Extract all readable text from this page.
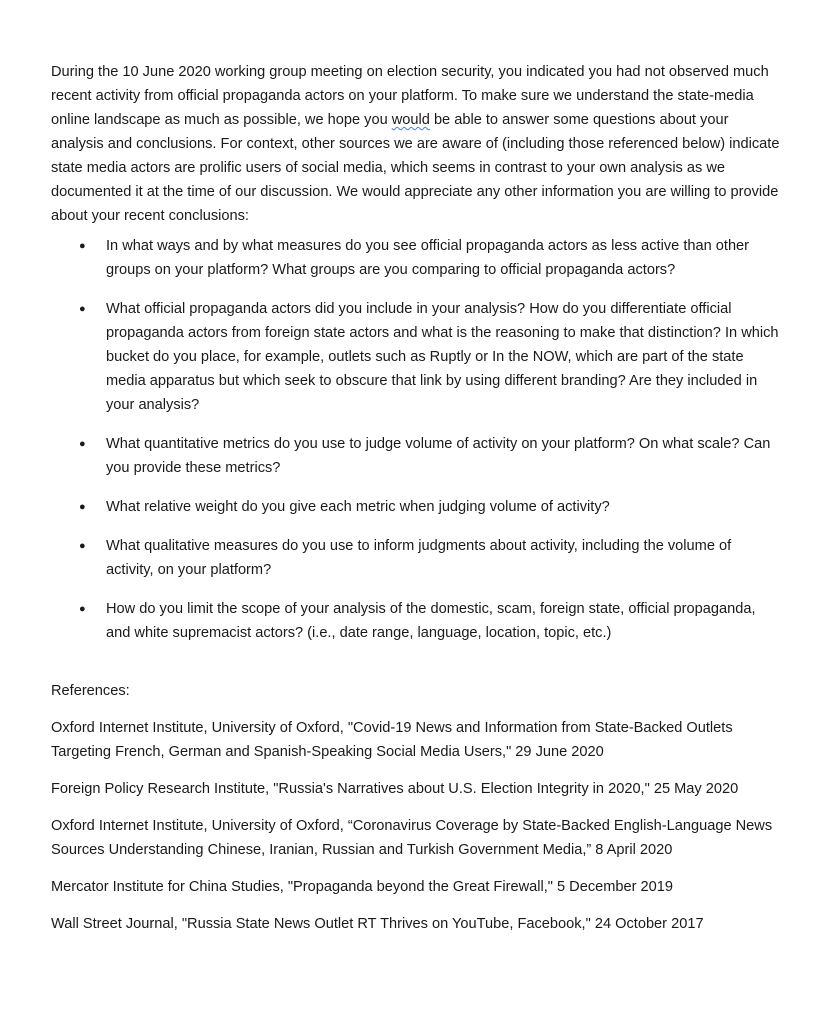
During the 10 June 2020 working group meeting on election security, you indicated you had not observed much recent activity from official propaganda actors on your platform. To make sure we understand the state-media online landscape as much as possible, we hope you would be able to answer some questions about your analysis and conclusions. For context, other sources we are aware of (including those referenced below) indicate state media actors are prolific users of social media, which seems in contrast to your own analysis as we documented it at the time of our discussion. We would appreciate any other information you are willing to provide about your recent conclusions:

● In what ways and by what measures do you see official propaganda actors as less active than other groups on your platform? What groups are you comparing to official propaganda actors?
● What official propaganda actors did you include in your analysis? How do you differentiate official propaganda actors from foreign state actors and what is the reasoning to make that distinction? In which bucket do you place, for example, outlets such as Ruptly or In the NOW, which are part of the state media apparatus but which seek to obscure that link by using different branding? Are they included in your analysis?
● What quantitative metrics do you use to judge volume of activity on your platform? On what scale? Can you provide these metrics?
● What relative weight do you give each metric when judging volume of activity?
● What qualitative measures do you use to inform judgments about activity, including the volume of activity, on your platform?
● How do you limit the scope of your analysis of the domestic, scam, foreign state, official propaganda, and white supremacist actors? (i.e., date range, language, location, topic, etc.)

References:

Oxford Internet Institute, University of Oxford, "Covid-19 News and Information from State-Backed Outlets Targeting French, German and Spanish-Speaking Social Media Users," 29 June 2020

Foreign Policy Research Institute, "Russia's Narratives about U.S. Election Integrity in 2020," 25 May 2020

Oxford Internet Institute, University of Oxford, “Coronavirus Coverage by State-Backed English-Language News Sources Understanding Chinese, Iranian, Russian and Turkish Government Media,” 8 April 2020

Mercator Institute for China Studies, "Propaganda beyond the Great Firewall," 5 December 2019

Wall Street Journal, "Russia State News Outlet RT Thrives on YouTube, Facebook," 24 October 2017
